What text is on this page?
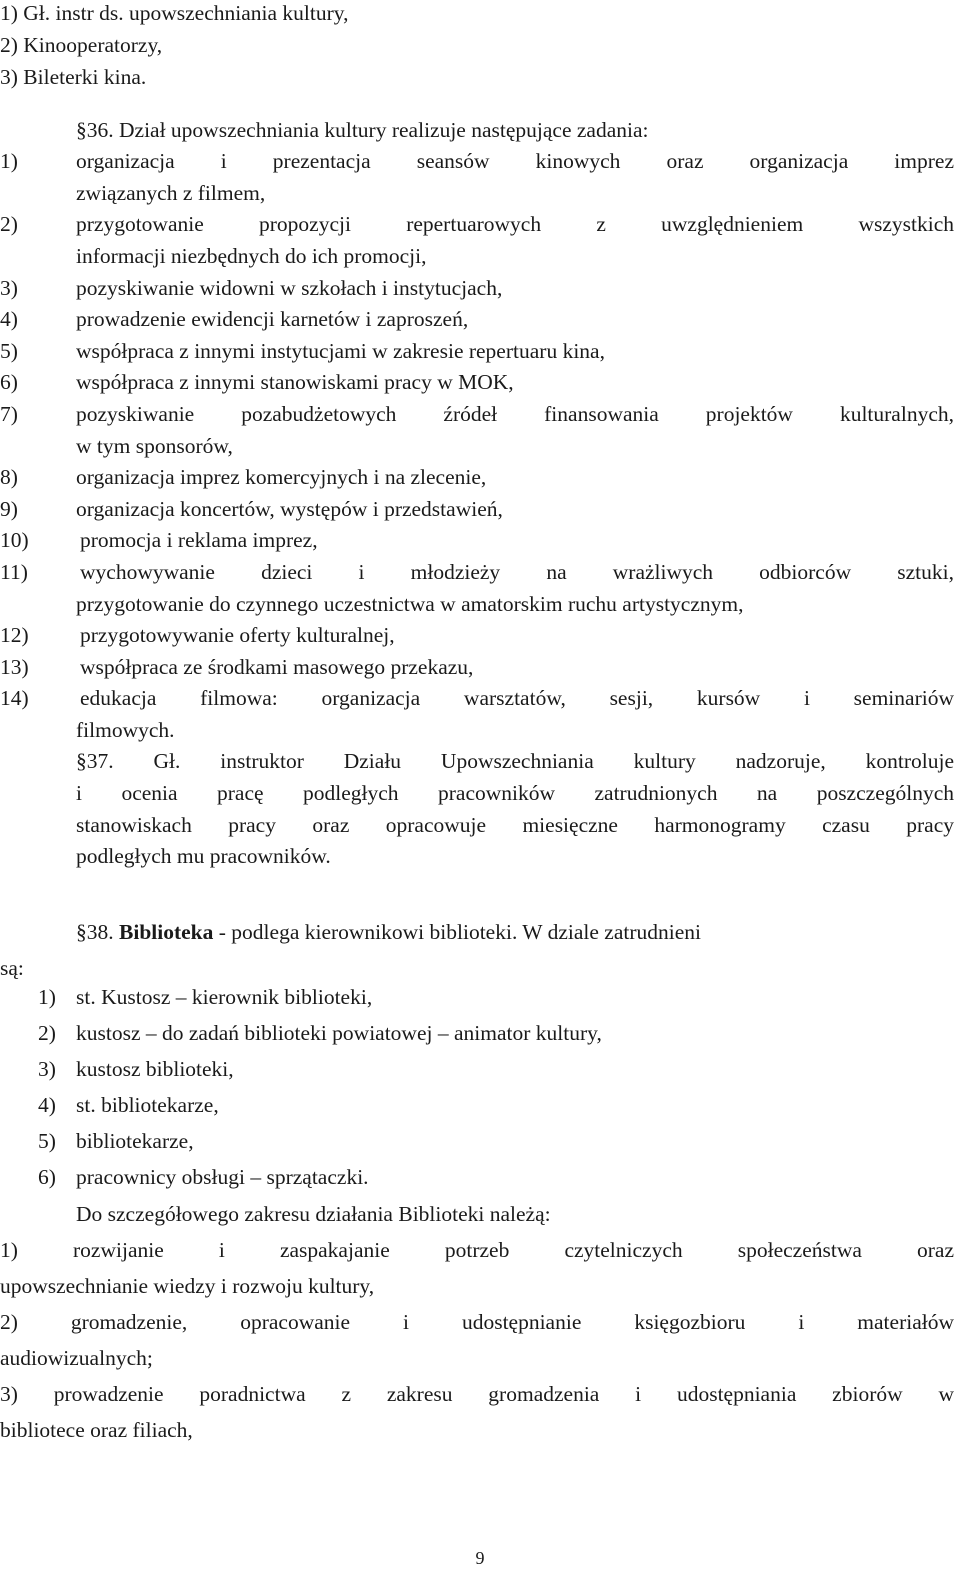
1) Gł. instr ds. upowszechniania kultury,
2) Kinooperatorzy,
3) Bileterki kina.
§36. Dział upowszechniania kultury realizuje następujące zadania:
1)	organizacja i prezentacja seansów kinowych oraz organizacja imprez
związanych z filmem,
2)	przygotowanie propozycji repertuarowych z uwzględnieniem wszystkich
informacji niezbędnych do ich promocji,
3)	pozyskiwanie widowni w szkołach i instytucjach,
4)	prowadzenie ewidencji karnetów i zaproszeń,
5)	współpraca z innymi instytucjami w zakresie repertuaru kina,
6)	współpraca z innymi stanowiskami pracy w MOK,
7)	pozyskiwanie pozabudżetowych źródeł finansowania projektów kulturalnych,
w tym sponsorów,
8)	organizacja imprez komercyjnych i na zlecenie,
9)	organizacja koncertów, występów i przedstawień,
10)	promocja i reklama imprez,
11)	wychowywanie dzieci i młodzieży na wrażliwych odbiorców sztuki,
przygotowanie do czynnego uczestnictwa w amatorskim ruchu artystycznym,
12)	przygotowywanie oferty kulturalnej,
13)	współpraca ze środkami masowego przekazu,
14)	edukacja filmowa: organizacja warsztatów, sesji, kursów i seminariów
filmowych.
§37. Gł. instruktor Działu Upowszechniania kultury nadzoruje, kontroluje
i ocenia pracę podległych pracowników zatrudnionych na poszczególnych
stanowiskach pracy oraz opracowuje miesięczne harmonogramy czasu pracy
podległych mu pracowników.
§38. Biblioteka - podlega kierownikowi biblioteki. W dziale zatrudnieni
są:
1) st. Kustosz – kierownik biblioteki,
2) kustosz – do zadań biblioteki powiatowej – animator kultury,
3) kustosz biblioteki,
4) st. bibliotekarze,
5) bibliotekarze,
6) pracownicy obsługi – sprzątaczki.
Do szczegółowego zakresu działania Biblioteki należą:
1) rozwijanie i zaspakajanie potrzeb czytelniczych społeczeństwa oraz
upowszechnianie wiedzy i rozwoju kultury,
2) gromadzenie, opracowanie i udostępnianie księgozbioru i materiałów
audiowizualnych;
3) prowadzenie poradnictwa z zakresu gromadzenia i udostępniania zbiorów w
bibliotece oraz filiach,
9
